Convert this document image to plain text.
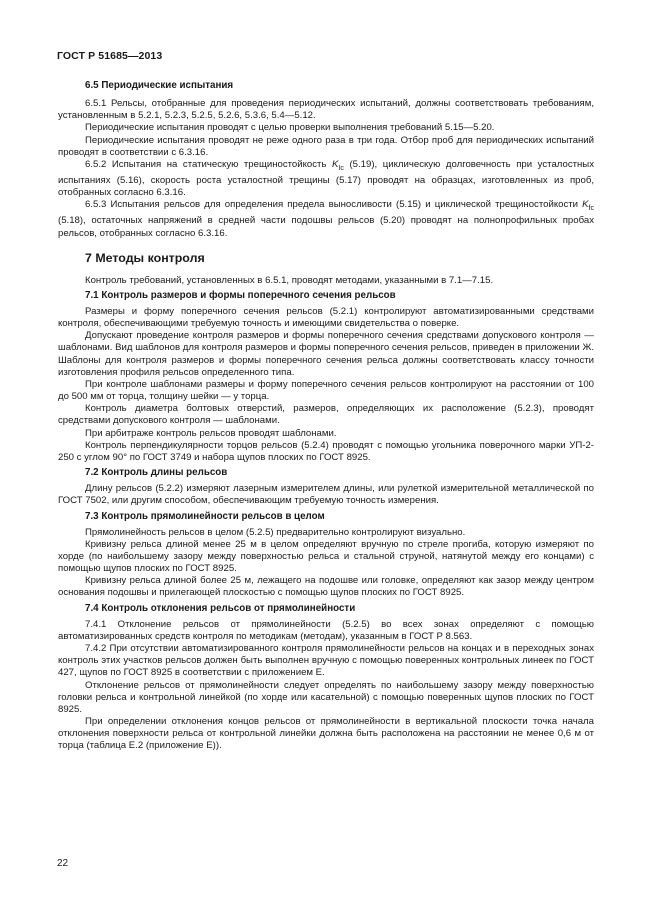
ГОСТ Р 51685—2013
6.5 Периодические испытания

6.5.1 Рельсы, отобранные для проведения периодических испытаний, должны соответствовать требованиям, установленным в 5.2.1, 5.2.3, 5.2.5, 5.2.6, 5.3.6, 5.4—5.12.

Периодические испытания проводят с целью проверки выполнения требований 5.15—5.20.

Периодические испытания проводят не реже одного раза в три года. Отбор проб для периодических испытаний проводят в соответствии с 6.3.16.

6.5.2 Испытания на статическую трещиностойкость $K_{Ic}$ (5.19), циклическую долговечность при усталостных испытаниях (5.16), скорость роста усталостной трещины (5.17) проводят на образцах, изготовленных из проб, отобранных согласно 6.3.16.

6.5.3 Испытания рельсов для определения предела выносливости (5.15) и циклической трещиностойкости $K_{fc}$ (5.18), остаточных напряжений в средней части подошвы рельсов (5.20) проводят на полнопрофильных пробах рельсов, отобранных согласно 6.3.16.

7 Методы контроля

Контроль требований, установленных в 6.5.1, проводят методами, указанными в 7.1—7.15.

7.1 Контроль размеров и формы поперечного сечения рельсов

Размеры и форму поперечного сечения рельсов (5.2.1) контролируют автоматизированными средствами контроля, обеспечивающими требуемую точность и имеющими свидетельства о поверке.

Допускают проведение контроля размеров и формы поперечного сечения средствами допускового контроля — шаблонами. Вид шаблонов для контроля размеров и формы поперечного сечения рельсов, приведен в приложении Ж. Шаблоны для контроля размеров и формы поперечного сечения рельса должны соответствовать классу точности изготовления профиля рельсов определенного типа.

При контроле шаблонами размеры и форму поперечного сечения рельсов контролируют на расстоянии от 100 до 500 мм от торца, толщину шейки — у торца.

Контроль диаметра болтовых отверстий, размеров, определяющих их расположение (5.2.3), проводят средствами допускового контроля — шаблонами.

При арбитраже контроль рельсов проводят шаблонами.

Контроль перпендикулярности торцов рельсов (5.2.4) проводят с помощью угольника поверочного марки УП-2-250 с углом 90° по ГОСТ 3749 и набора щупов плоских по ГОСТ 8925.

7.2 Контроль длины рельсов

Длину рельсов (5.2.2) измеряют лазерным измерителем длины, или рулеткой измерительной металлической по ГОСТ 7502, или другим способом, обеспечивающим требуемую точность измерения.

7.3 Контроль прямолинейности рельсов в целом

Прямолинейность рельсов в целом (5.2.5) предварительно контролируют визуально.

Кривизну рельса длиной менее 25 м в целом определяют вручную по стреле прогиба, которую измеряют по хорде (по наибольшему зазору между поверхностью рельса и стальной струной, натянутой между его концами) с помощью щупов плоских по ГОСТ 8925.

Кривизну рельса длиной более 25 м, лежащего на подошве или головке, определяют как зазор между центром основания подошвы и прилегающей плоскостью с помощью щупов плоских по ГОСТ 8925.

7.4 Контроль отклонения рельсов от прямолинейности

7.4.1 Отклонение рельсов от прямолинейности (5.2.5) во всех зонах определяют с помощью автоматизированных средств контроля по методикам (методам), указанным в ГОСТ Р 8.563.

7.4.2 При отсутствии автоматизированного контроля прямолинейности рельсов на концах и в переходных зонах контроль этих участков рельсов должен быть выполнен вручную с помощью поверенных контрольных линеек по ГОСТ 427, щупов по ГОСТ 8925 в соответствии с приложением Е.

Отклонение рельсов от прямолинейности следует определять по наибольшему зазору между поверхностью головки рельса и контрольной линейкой (по хорде или касательной) с помощью поверенных щупов плоских по ГОСТ 8925.

При определении отклонения концов рельсов от прямолинейности в вертикальной плоскости точка начала отклонения поверхности рельса от контрольной линейки должна быть расположена на расстоянии не менее 0,6 м от торца (таблица Е.2 (приложение Е)).

22
